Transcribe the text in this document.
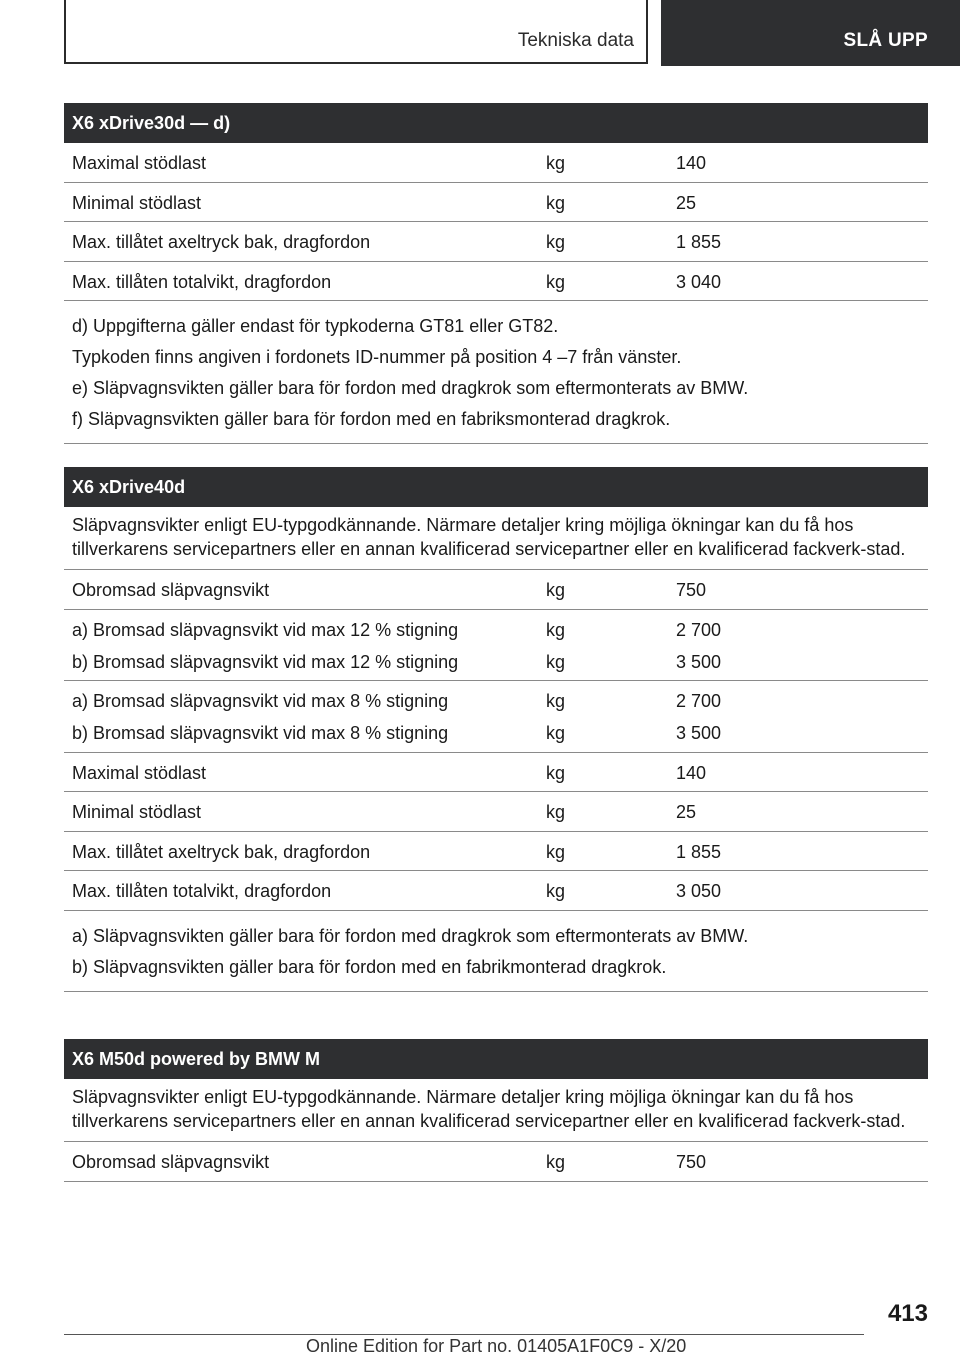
Tekniska data	SLÅ UPP
X6 xDrive30d — d)
Maximal stödlast	kg	140
Minimal stödlast	kg	25
Max. tillåtet axeltryck bak, dragfordon	kg	1 855
Max. tillåten totalvikt, dragfordon	kg	3 040

d) Uppgifterna gäller endast för typkoderna GT81 eller GT82.

Typkoden finns angiven i fordonets ID-nummer på position 4 –7 från vänster.

e) Släpvagnsvikten gäller bara för fordon med dragkrok som eftermonterats av BMW.

f) Släpvagnsvikten gäller bara för fordon med en fabriksmonterad dragkrok.

X6 xDrive40d
Släpvagnsvikter enligt EU-typgodkännande. Närmare detaljer kring möjliga ökningar kan du få hos tillverkarens servicepartners eller en annan kvalificerad servicepartner eller en kvalificerad fackverk-stad.
Obromsad släpvagnsvikt	kg	750
a) Bromsad släpvagnsvikt vid max 12 % stigning	kg	2 700
b) Bromsad släpvagnsvikt vid max 12 % stigning	kg	3 500
a) Bromsad släpvagnsvikt vid max 8 % stigning	kg	2 700
b) Bromsad släpvagnsvikt vid max 8 % stigning	kg	3 500
Maximal stödlast	kg	140
Minimal stödlast	kg	25
Max. tillåtet axeltryck bak, dragfordon	kg	1 855
Max. tillåten totalvikt, dragfordon	kg	3 050

a) Släpvagnsvikten gäller bara för fordon med dragkrok som eftermonterats av BMW.

b) Släpvagnsvikten gäller bara för fordon med en fabrikmonterad dragkrok.

X6 M50d powered by BMW M
Släpvagnsvikter enligt EU-typgodkännande. Närmare detaljer kring möjliga ökningar kan du få hos tillverkarens servicepartners eller en annan kvalificerad servicepartner eller en kvalificerad fackverk-stad.
Obromsad släpvagnsvikt	kg	750
413
Online Edition for Part no. 01405A1F0C9 - X/20
